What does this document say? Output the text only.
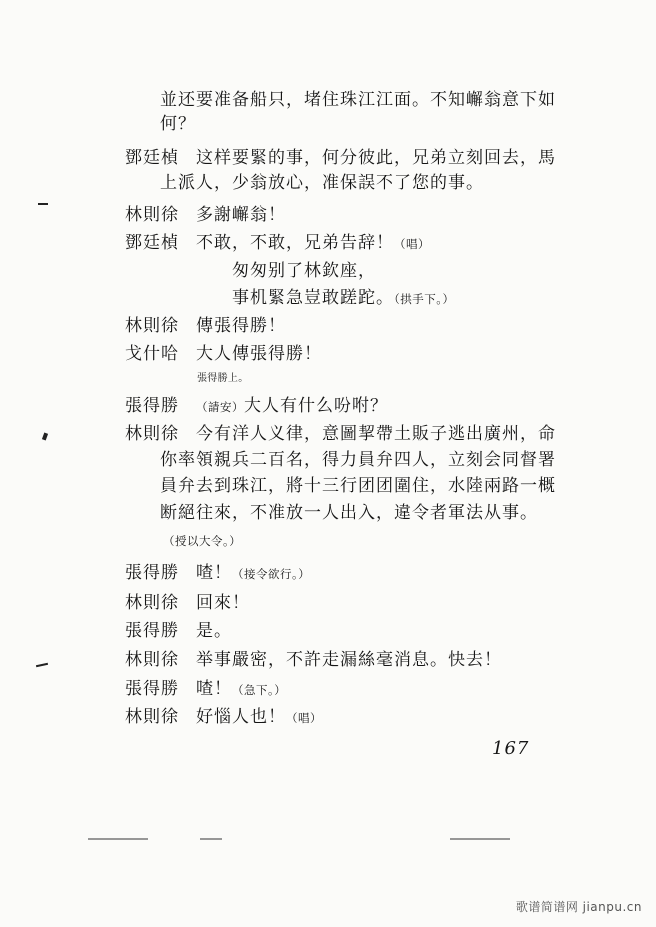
並还要准备船只，堵住珠江江面。不知嶰翁意下如
何？
鄧廷楨 这样要緊的事，何分彼此，兄弟立刻回去，馬
上派人，少翁放心，准保誤不了您的事。
林則徐 多謝嶰翁！
鄧廷楨 不敢，不敢，兄弟告辞！（唱）
匆匆别了林欽座，
事机緊急豈敢蹉跎。（拱手下。）
林則徐 傳張得勝！
戈什哈 大人傳張得勝！
張得勝上。
張得勝 （請安）大人有什么吩咐？
林則徐 今有洋人义律，意圖挈帶土販子逃出廣州，命
你率領親兵二百名，得力員弁四人，立刻会同督署
員弁去到珠江，將十三行团团圍住，水陸兩路一概
断絕往來，不准放一人出入，違令者軍法从事。
（授以大令。）
張得勝 喳！（接令欲行。）
林則徐 回來！
張得勝 是。
林則徐 举事嚴密，不許走漏絲毫消息。快去！
張得勝 喳！（急下。）
林則徐 好惱人也！（唱）
167
歌谱简谱网 jianpu.cn
